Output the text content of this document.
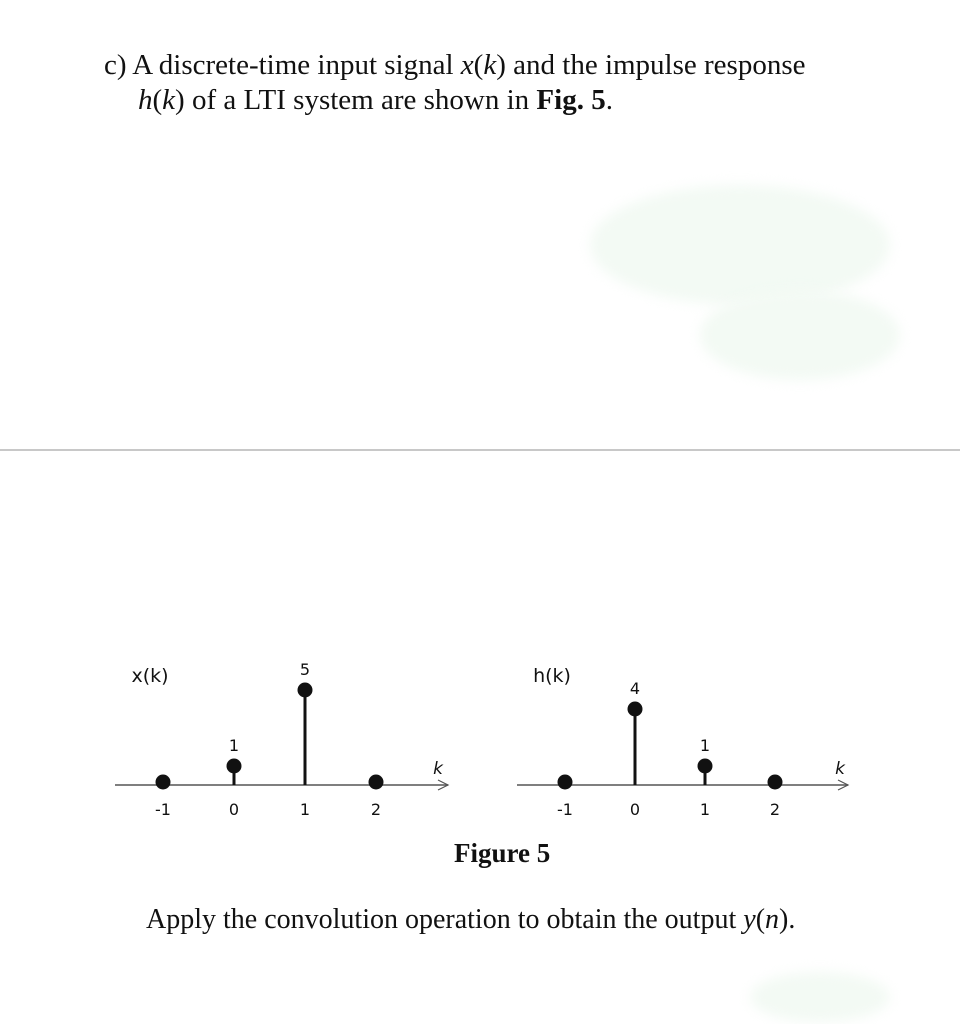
c) A discrete-time input signal x(k) and the impulse response
h(k) of a LTI system are shown in Fig. 5.
k
x(k)
-1
1
0
5
1	2
k
h(k)
-1
4
0
1
1	2
Figure 5
Apply the convolution operation to obtain the output y(n).
